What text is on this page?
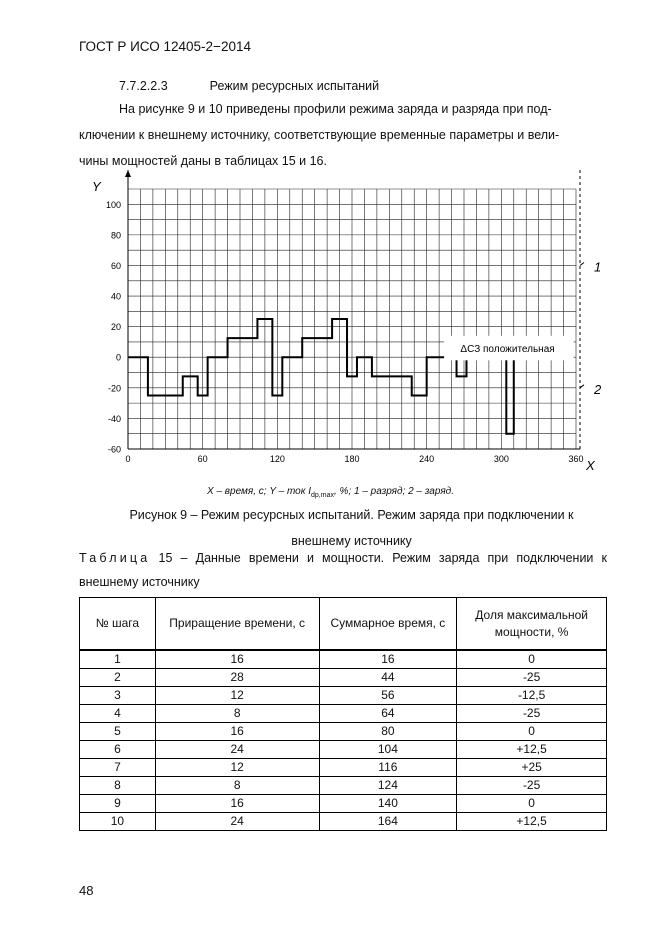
ГОСТ Р ИСО 12405-2−2014
7.7.2.2.3	Режим ресурсных испытаний
На рисунке 9 и 10 приведены профили режима заряда и разряда при под-
ключении к внешнему источнику, соответствующие временные параметры и вели-
чины мощностей даны в таблицах 15 и 16.
-60
-40
-20
0
20
40
60
80
100
0	60	120	180	240	300	360
Y
X
ΔСЗ положительная
1
2
X – время, с; Y – ток $I_{dp,max}$, %; 1 – разряд; 2 – заряд.
Рисунок 9 – Режим ресурсных испытаний. Режим заряда при подключении к
внешнему источнику
Таблица 15 – Данные времени и мощности. Режим заряда при подключении к
внешнему источнику
№ шага	Приращение времени, с	Суммарное время, с	Доля максимальной мощности, %
1	16	16	0
2	28	44	-25
3	12	56	-12,5
4	8	64	-25
5	16	80	0
6	24	104	+12,5
7	12	116	+25
8	8	124	-25
9	16	140	0
10	24	164	+12,5
48
